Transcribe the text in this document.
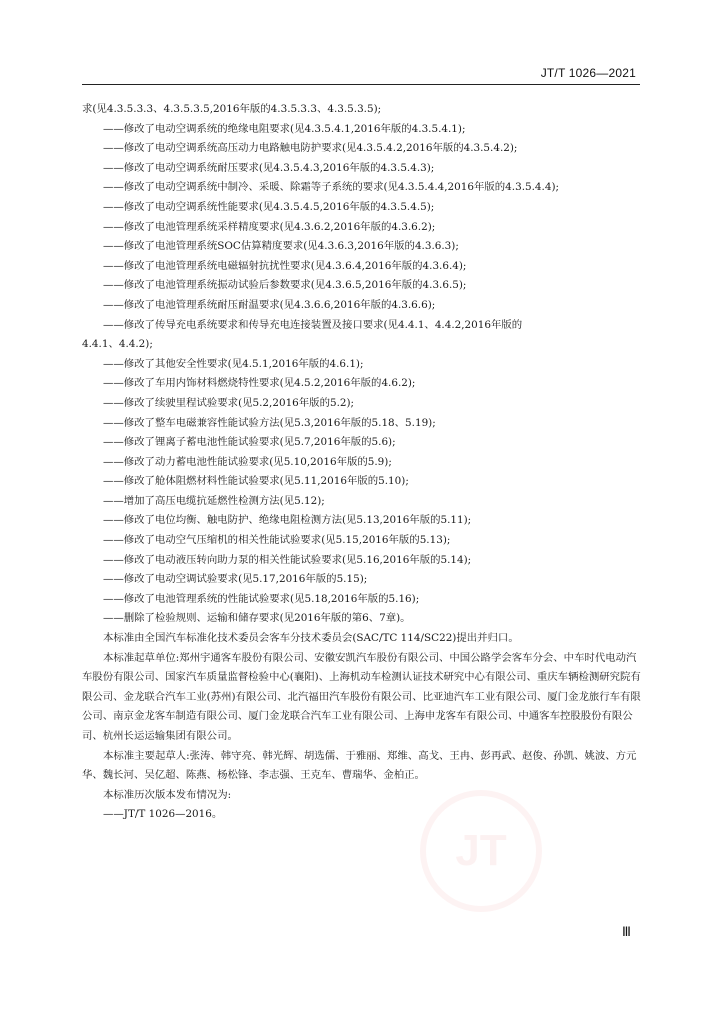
JT/T 1026—2021
JT

求(见4.3.5.3.3、4.3.5.3.5,2016年版的4.3.5.3.3、4.3.5.3.5);

——修改了电动空调系统的绝缘电阻要求(见4.3.5.4.1,2016年版的4.3.5.4.1);

——修改了电动空调系统高压动力电路触电防护要求(见4.3.5.4.2,2016年版的4.3.5.4.2);

——修改了电动空调系统耐压要求(见4.3.5.4.3,2016年版的4.3.5.4.3);

——修改了电动空调系统中制冷、采暖、除霜等子系统的要求(见4.3.5.4.4,2016年版的4.3.5.4.4);

——修改了电动空调系统性能要求(见4.3.5.4.5,2016年版的4.3.5.4.5);

——修改了电池管理系统采样精度要求(见4.3.6.2,2016年版的4.3.6.2);

——修改了电池管理系统SOC估算精度要求(见4.3.6.3,2016年版的4.3.6.3);

——修改了电池管理系统电磁辐射抗扰性要求(见4.3.6.4,2016年版的4.3.6.4);

——修改了电池管理系统振动试验后参数要求(见4.3.6.5,2016年版的4.3.6.5);

——修改了电池管理系统耐压耐温要求(见4.3.6.6,2016年版的4.3.6.6);

——修改了传导充电系统要求和传导充电连接装置及接口要求(见4.4.1、4.4.2,2016年版的

4.4.1、4.4.2);

——修改了其他安全性要求(见4.5.1,2016年版的4.6.1);

——修改了车用内饰材料燃烧特性要求(见4.5.2,2016年版的4.6.2);

——修改了续驶里程试验要求(见5.2,2016年版的5.2);

——修改了整车电磁兼容性能试验方法(见5.3,2016年版的5.18、5.19);

——修改了锂离子蓄电池性能试验要求(见5.7,2016年版的5.6);

——修改了动力蓄电池性能试验要求(见5.10,2016年版的5.9);

——修改了舱体阻燃材料性能试验要求(见5.11,2016年版的5.10);

——增加了高压电缆抗延燃性检测方法(见5.12);

——修改了电位均衡、触电防护、绝缘电阻检测方法(见5.13,2016年版的5.11);

——修改了电动空气压缩机的相关性能试验要求(见5.15,2016年版的5.13);

——修改了电动液压转向助力泵的相关性能试验要求(见5.16,2016年版的5.14);

——修改了电动空调试验要求(见5.17,2016年版的5.15);

——修改了电池管理系统的性能试验要求(见5.18,2016年版的5.16);

——删除了检验规则、运输和储存要求(见2016年版的第6、7章)。

本标准由全国汽车标准化技术委员会客车分技术委员会(SAC/TC 114/SC22)提出并归口。

本标准起草单位:郑州宇通客车股份有限公司、安徽安凯汽车股份有限公司、中国公路学会客车分会、中车时代电动汽车股份有限公司、国家汽车质量监督检验中心(襄阳)、上海机动车检测认证技术研究中心有限公司、重庆车辆检测研究院有限公司、金龙联合汽车工业(苏州)有限公司、北汽福田汽车股份有限公司、比亚迪汽车工业有限公司、厦门金龙旅行车有限公司、南京金龙客车制造有限公司、厦门金龙联合汽车工业有限公司、上海申龙客车有限公司、中通客车控股股份有限公司、杭州长运运输集团有限公司。

本标准主要起草人:张涛、韩守亮、韩光辉、胡选儒、于雅丽、郑维、高戈、王冉、彭再武、赵俊、孙凯、姚波、方元华、魏长河、吴亿超、陈燕、杨松锋、李志强、王克车、曹瑞华、金柏正。

本标准历次版本发布情况为:

——JT/T 1026—2016。

Ⅲ
